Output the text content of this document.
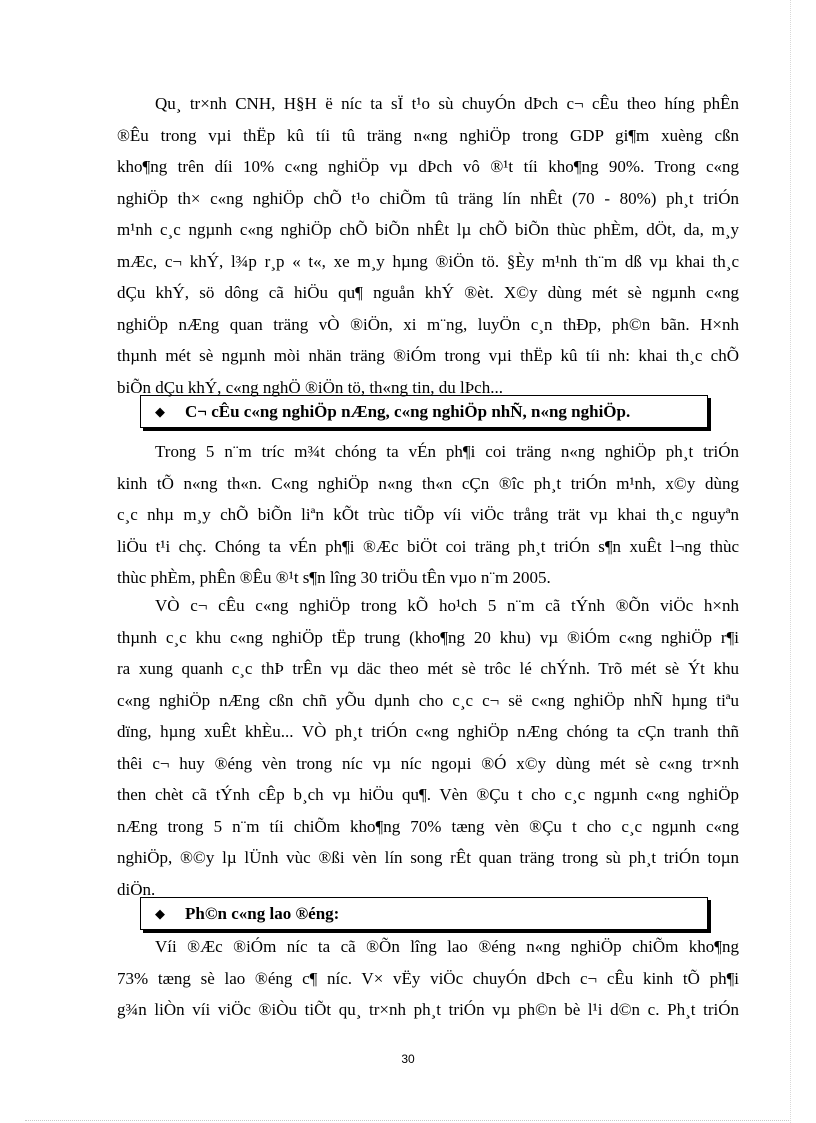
Qu¸ tr×nh CNH, H§H ë níc ta sÏ t¹o sù chuyÓn dÞch c¬ cÊu theo híng phÊn
®Êu trong vµi thËp kû tíi tû träng n«ng nghiÖp trong GDP gi¶m xuèng cßn
kho¶ng trên díi 10% c«ng nghiÖp vµ dÞch vô ®¹t tíi kho¶ng 90%. Trong c«ng
nghiÖp th× c«ng nghiÖp chÕ t¹o chiÕm tû träng lín nhÊt (70 - 80%) ph¸t triÓn
m¹nh c¸c ngµnh c«ng nghiÖp chÕ biÕn nhÊt lµ chÕ biÕn thùc phÈm, dÖt, da, m¸y
mÆc, c¬ khÝ, l¾p r¸p « t«, xe m¸y hµng ®iÖn tö. §Èy m¹nh th¨m dß vµ khai th¸c
dÇu khÝ, sö dông cã hiÖu qu¶ nguån khÝ ®èt. X©y dùng mét sè ngµnh c«ng
nghiÖp nÆng quan träng vÒ ®iÖn, xi m¨ng, luyÖn c¸n thÐp, ph©n bãn. H×nh
thµnh mét sè ngµnh mòi nhän träng ®iÓm trong vµi thËp kû tíi nh: khai th¸c chÕ
biÕn dÇu khÝ, c«ng nghÖ ®iÖn tö, th«ng tin, du lÞch...
◆	C¬ cÊu c«ng nghiÖp nÆng, c«ng nghiÖp nhÑ, n«ng nghiÖp.
Trong 5 n¨m tríc m¾t chóng ta vÉn ph¶i coi träng n«ng nghiÖp ph¸t triÓn
kinh tÕ n«ng th«n. C«ng nghiÖp n«ng th«n cÇn ®îc ph¸t triÓn m¹nh, x©y dùng
c¸c nhµ m¸y chÕ biÕn liªn kÕt trùc tiÕp víi viÖc trång trät vµ khai th¸c nguyªn
liÖu t¹i chç. Chóng ta vÉn ph¶i ®Æc biÖt coi träng ph¸t triÓn s¶n xuÊt l¬ng thùc
thùc phÈm, phÊn ®Êu ®¹t s¶n lîng 30 triÖu tÊn vµo n¨m 2005.
VÒ c¬ cÊu c«ng nghiÖp trong kÕ ho¹ch 5 n¨m cã tÝnh ®Õn viÖc h×nh
thµnh c¸c khu c«ng nghiÖp tËp trung (kho¶ng 20 khu) vµ ®iÓm c«ng nghiÖp r¶i
ra xung quanh c¸c thÞ trÊn vµ däc theo mét sè trôc lé chÝnh. Trõ mét sè Ýt khu
c«ng nghiÖp nÆng cßn chñ yÕu dµnh cho c¸c c¬ së c«ng nghiÖp nhÑ hµng tiªu
dïng, hµng xuÊt khÈu... VÒ ph¸t triÓn c«ng nghiÖp nÆng chóng ta cÇn tranh thñ
thêi c¬ huy ®éng vèn trong níc vµ níc ngoµi ®Ó x©y dùng mét sè c«ng tr×nh
then chèt cã tÝnh cÊp b¸ch vµ hiÖu qu¶. Vèn ®Çu t cho c¸c ngµnh c«ng nghiÖp
nÆng trong 5 n¨m tíi chiÕm kho¶ng 70% tæng vèn ®Çu t cho c¸c ngµnh c«ng
nghiÖp, ®©y lµ lÜnh vùc ®ßi vèn lín song rÊt quan träng trong sù ph¸t triÓn toµn
diÖn.
◆	Ph©n c«ng lao ®éng:
Víi ®Æc ®iÓm níc ta cã ®Õn lîng lao ®éng n«ng nghiÖp chiÕm kho¶ng
73% tæng sè lao ®éng c¶ níc. V× vËy viÖc chuyÓn dÞch c¬ cÊu kinh tÕ ph¶i
g¾n liÒn víi viÖc ®iÒu tiÕt qu¸ tr×nh ph¸t triÓn vµ ph©n bè l¹i d©n c. Ph¸t triÓn
30
